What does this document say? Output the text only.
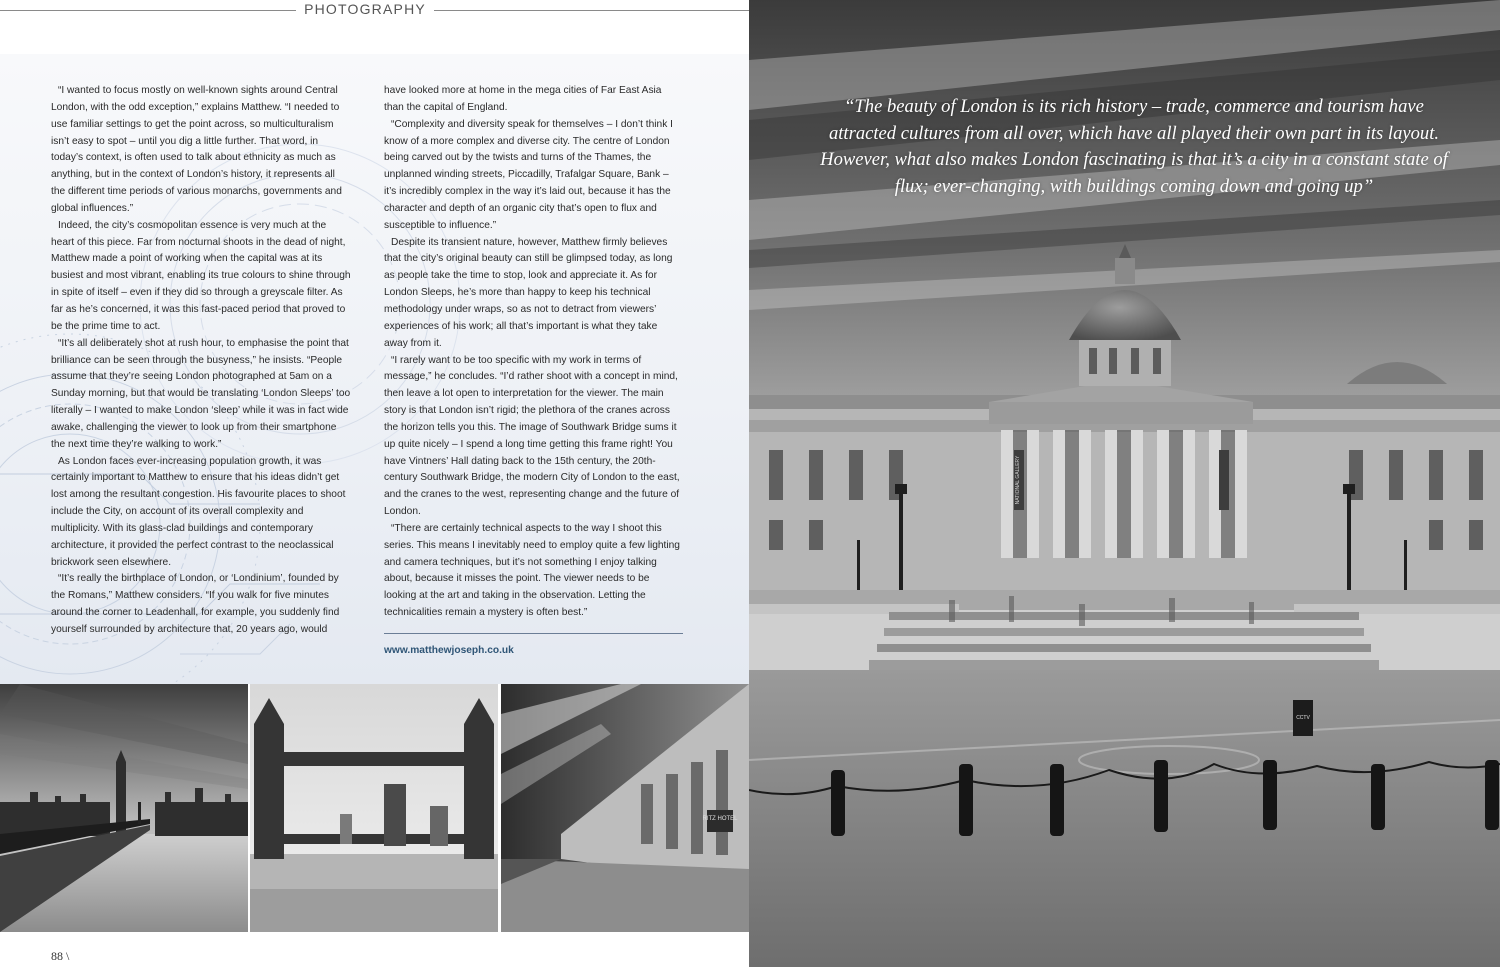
PHOTOGRAPHY

“I wanted to focus mostly on well-known sights around Central London, with the odd exception,” explains Matthew. “I needed to use familiar settings to get the point across, so multiculturalism isn’t easy to spot – until you dig a little further. That word, in today’s context, is often used to talk about ethnicity as much as anything, but in the context of London’s history, it represents all the different time periods of various monarchs, governments and global influences.”

Indeed, the city’s cosmopolitan essence is very much at the heart of this piece. Far from nocturnal shoots in the dead of night, Matthew made a point of working when the capital was at its busiest and most vibrant, enabling its true colours to shine through in spite of itself – even if they did so through a greyscale filter. As far as he’s concerned, it was this fast-paced period that proved to be the prime time to act.

“It’s all deliberately shot at rush hour, to emphasise the point that brilliance can be seen through the busyness,” he insists. “People assume that they’re seeing London photographed at 5am on a Sunday morning, but that would be translating ‘London Sleeps’ too literally – I wanted to make London ‘sleep’ while it was in fact wide awake, challenging the viewer to look up from their smartphone the next time they’re walking to work.”

As London faces ever-increasing population growth, it was certainly important to Matthew to ensure that his ideas didn’t get lost among the resultant congestion. His favourite places to shoot include the City, on account of its overall complexity and multiplicity. With its glass-clad buildings and contemporary architecture, it provided the perfect contrast to the neoclassical brickwork seen elsewhere.

“It’s really the birthplace of London, or ‘Londinium’, founded by the Romans,” Matthew considers. “If you walk for five minutes around the corner to Leadenhall, for example, you suddenly find yourself surrounded by architecture that, 20 years ago, would

have looked more at home in the mega cities of Far East Asia than the capital of England.

“Complexity and diversity speak for themselves – I don’t think I know of a more complex and diverse city. The centre of London being carved out by the twists and turns of the Thames, the unplanned winding streets, Piccadilly, Trafalgar Square, Bank – it’s incredibly complex in the way it’s laid out, because it has the character and depth of an organic city that’s open to flux and susceptible to influence.”

Despite its transient nature, however, Matthew firmly believes that the city’s original beauty can still be glimpsed today, as long as people take the time to stop, look and appreciate it. As for London Sleeps, he’s more than happy to keep his technical methodology under wraps, so as not to detract from viewers’ experiences of his work; all that’s important is what they take away from it.

“I rarely want to be too specific with my work in terms of message,” he concludes. “I’d rather shoot with a concept in mind, then leave a lot open to interpretation for the viewer. The main story is that London isn’t rigid; the plethora of the cranes across the horizon tells you this. The image of Southwark Bridge sums it up quite nicely – I spend a long time getting this frame right! You have Vintners’ Hall dating back to the 15th century, the 20th-century Southwark Bridge, the modern City of London to the east, and the cranes to the west, representing change and the future of London.

“There are certainly technical aspects to the way I shoot this series. This means I inevitably need to employ quite a few lighting and camera techniques, but it’s not something I enjoy talking about, because it misses the point. The viewer needs to be looking at the art and taking in the observation. Letting the technicalities remain a mystery is often best.”

www.matthewjoseph.co.uk
RITZ HOTEL
88 \
NATIONAL GALLERY
CCTV
“The beauty of London is its rich history – trade, commerce and tourism have attracted cultures from all over, which have all played their own part in its layout. However, what also makes London fascinating is that it’s a city in a constant state of flux; ever-changing, with buildings coming down and going up”
